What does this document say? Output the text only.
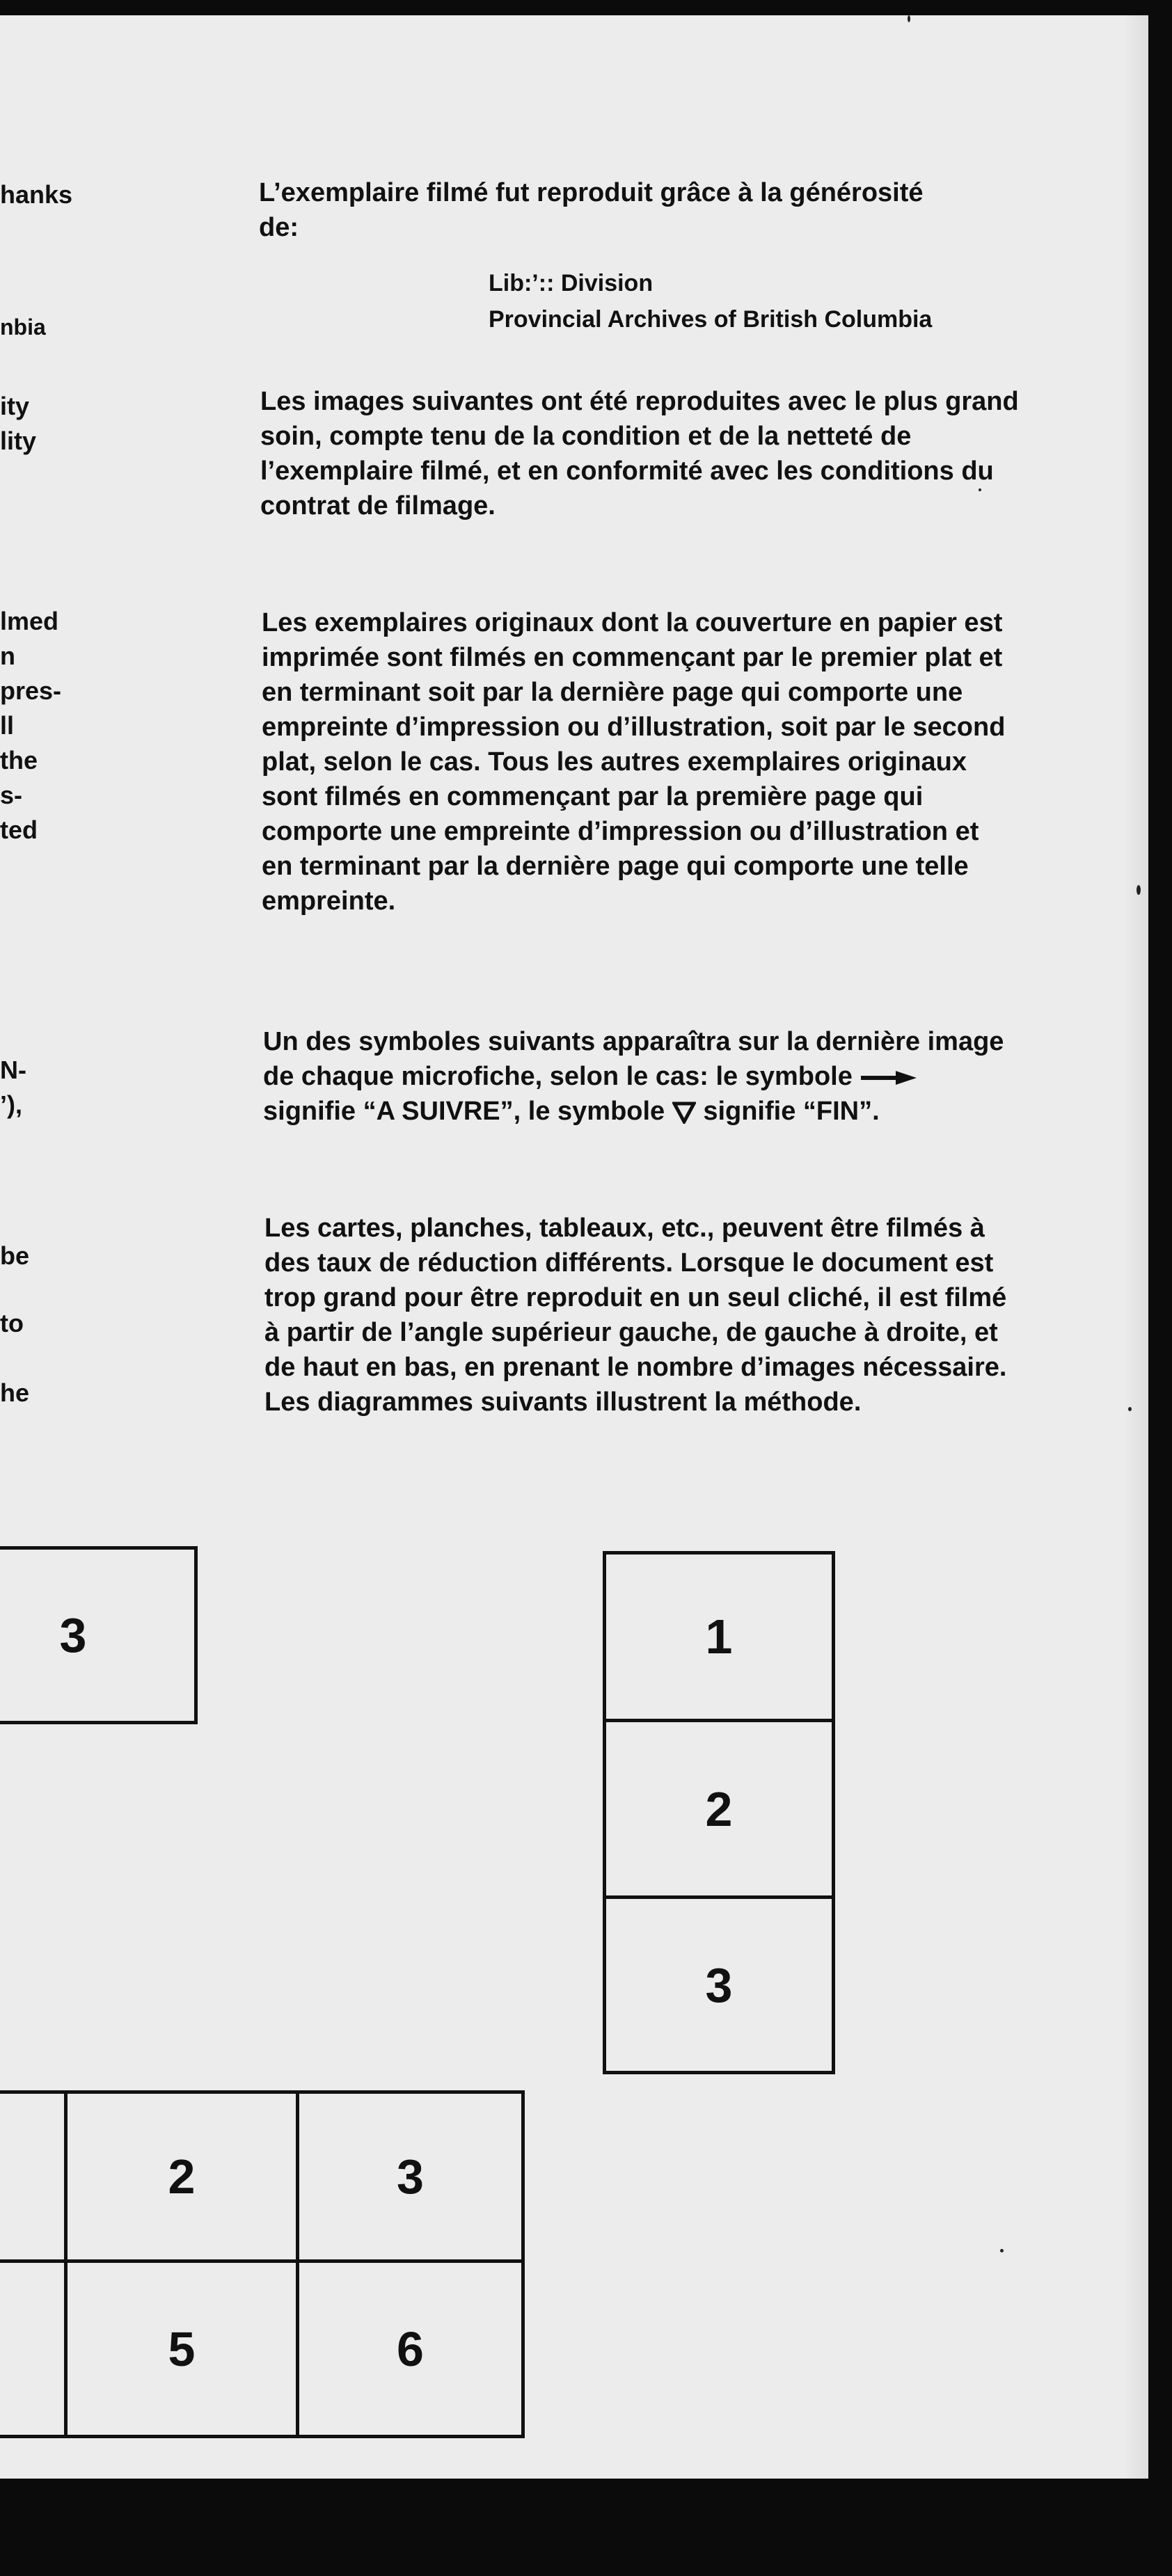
hanks
nbia
ity
lity
lmed
n
pres-
ll
the
s-
ted
N-
’),
be
to
he
L’exemplaire filmé fut reproduit grâce à la générosité de:
Lib:’:: Division
Provincial Archives of British Columbia

Les images suivantes ont été reproduites avec le plus grand soin, compte tenu de la condition et de la netteté de l’exemplaire filmé, et en conformité avec les conditions du contrat de filmage.

Les exemplaires originaux dont la couverture en papier est imprimée sont filmés en commençant par le premier plat et en terminant soit par la dernière page qui comporte une empreinte d’impression ou d’illustration, soit par le second plat, selon le cas. Tous les autres exemplaires originaux sont filmés en commençant par la première page qui comporte une empreinte d’impression ou d’illustration et en terminant par la dernière page qui comporte une telle empreinte.

Un des symboles suivants apparaîtra sur la dernière image de chaque microfiche, selon le cas: le symbole  signifie “A SUIVRE”, le symbole signifie “FIN”.

Les cartes, planches, tableaux, etc., peuvent être filmés à des taux de réduction différents. Lorsque le document est trop grand pour être reproduit en un seul cliché, il est filmé à partir de l’angle supérieur gauche, de gauche à droite, et de haut en bas, en prenant le nombre d’images nécessaire. Les diagrammes suivants illustrent la méthode.

3	1
2
3
2	3
5	6
